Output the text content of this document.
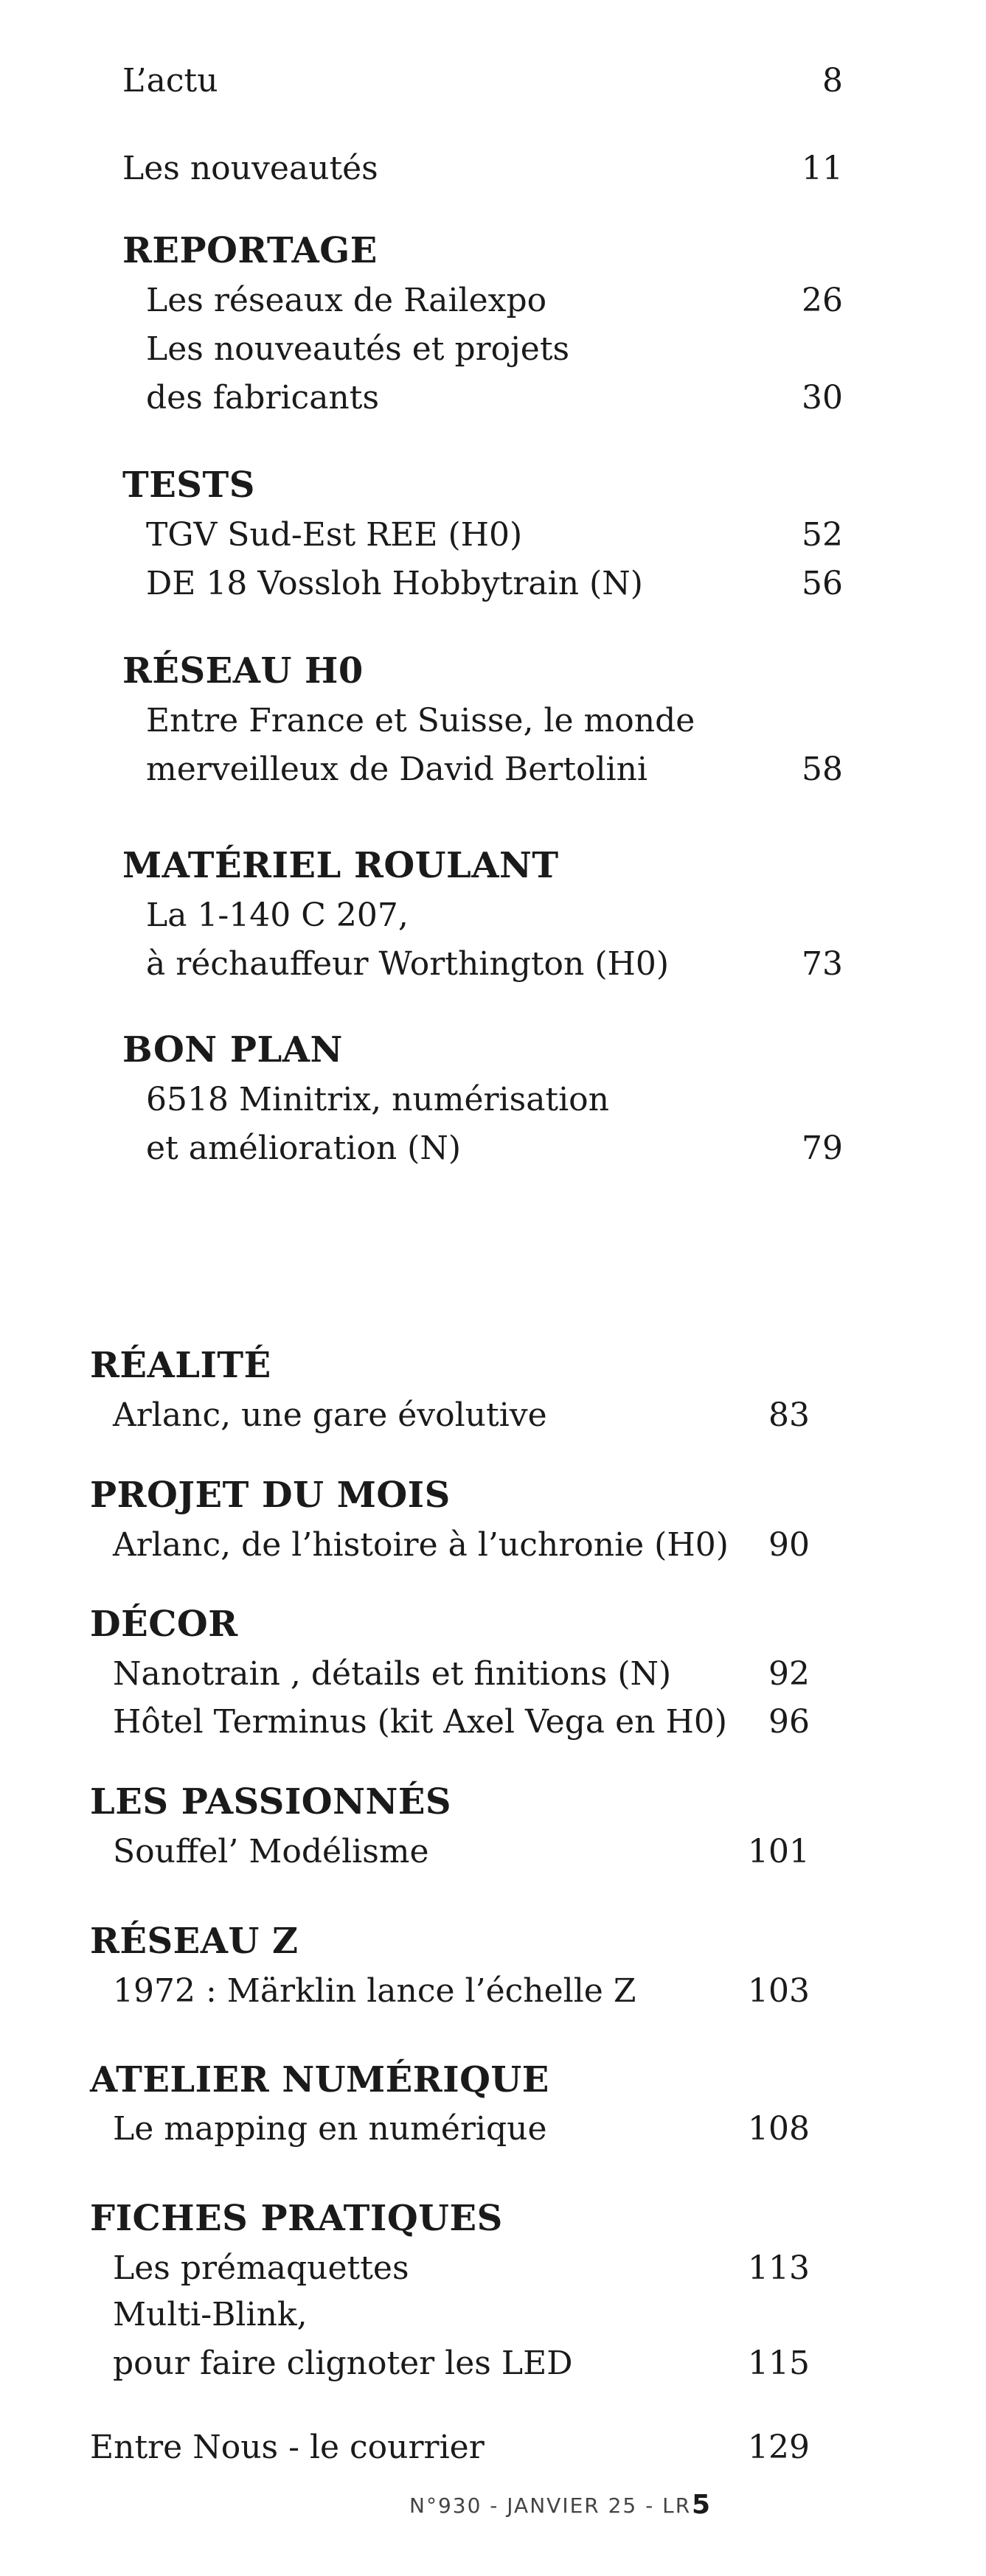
L’actu	8
Les nouveautés	11
REPORTAGE
Les réseaux de Railexpo	26
Les nouveautés et projets
des fabricants	30
TESTS
TGV Sud-Est REE (H0)	52
DE 18 Vossloh Hobbytrain (N)	56
RÉSEAU H0
Entre France et Suisse, le monde
merveilleux de David Bertolini	58
MATÉRIEL ROULANT
La 1-140 C 207,
à réchauffeur Worthington (H0)	73
BON PLAN
6518 Minitrix, numérisation
et amélioration (N)	79
RÉALITÉ
Arlanc, une gare évolutive	83
PROJET DU MOIS
Arlanc, de l’histoire à l’uchronie (H0)	90
DÉCOR
Nanotrain , détails et finitions (N)	92
Hôtel Terminus (kit Axel Vega en H0)	96
LES PASSIONNÉS
Souffel’ Modélisme	101
RÉSEAU Z
1972 : Märklin lance l’échelle Z	103
ATELIER NUMÉRIQUE
Le mapping en numérique	108
FICHES PRATIQUES
Les prémaquettes	113
Multi-Blink,
pour faire clignoter les LED	115
Entre Nous - le courrier	129
N°930 - JANVIER 25 - LR 5
